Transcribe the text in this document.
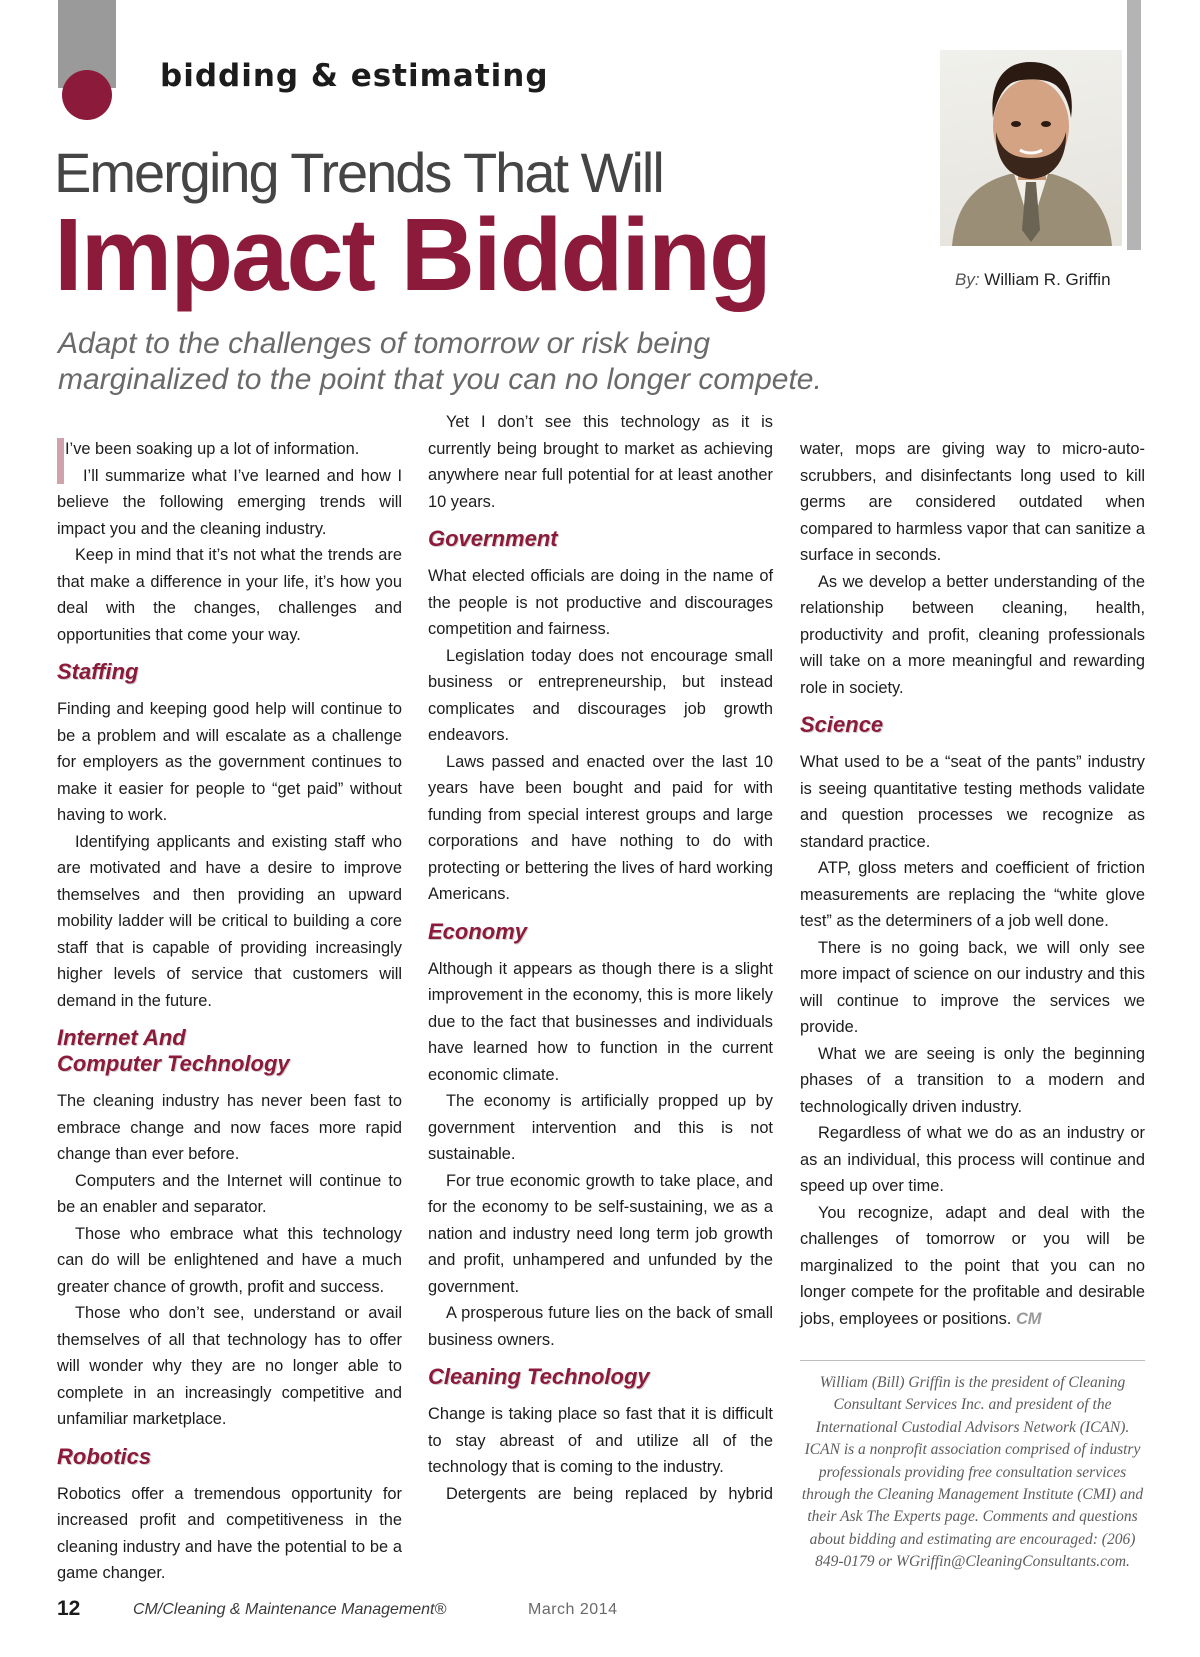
bidding & estimating
Emerging Trends That Will
Impact Bidding
Adapt to the challenges of tomorrow or risk being marginalized to the point that you can no longer compete.
By: William R. Griffin

I’ve been soaking up a lot of information.

I’ll summarize what I’ve learned and how I believe the following emerging trends will impact you and the cleaning industry.

Keep in mind that it’s not what the trends are that make a difference in your life, it’s how you deal with the changes, challenges and opportunities that come your way.

Staffing

Finding and keeping good help will continue to be a problem and will escalate as a challenge for employers as the government continues to make it easier for people to “get paid” without having to work.

Identifying applicants and existing staff who are motivated and have a desire to improve themselves and then providing an upward mobility ladder will be critical to building a core staff that is capable of providing increasingly higher levels of service that customers will demand in the future.

Internet And
Computer Technology

The cleaning industry has never been fast to embrace change and now faces more rapid change than ever before.

Computers and the Internet will continue to be an enabler and separator.

Those who embrace what this technology can do will be enlightened and have a much greater chance of growth, profit and success.

Those who don’t see, understand or avail themselves of all that technology has to offer will wonder why they are no longer able to complete in an increasingly competitive and unfamiliar marketplace.

Robotics

Robotics offer a tremendous opportunity for increased profit and competitiveness in the cleaning industry and have the potential to be a game changer.

Yet I don’t see this technology as it is currently being brought to market as achieving anywhere near full potential for at least another 10 years.

Government

What elected officials are doing in the name of the people is not productive and discourages competition and fairness.

Legislation today does not encourage small business or entrepreneurship, but instead complicates and discourages job growth endeavors.

Laws passed and enacted over the last 10 years have been bought and paid for with funding from special interest groups and large corporations and have nothing to do with protecting or bettering the lives of hard working Americans.

Economy

Although it appears as though there is a slight improvement in the economy, this is more likely due to the fact that businesses and individuals have learned how to function in the current economic climate.

The economy is artificially propped up by government intervention and this is not sustainable.

For true economic growth to take place, and for the economy to be self-sustaining, we as a nation and industry need long term job growth and profit, unhampered and unfunded by the government.

A prosperous future lies on the back of small business owners.

Cleaning Technology

Change is taking place so fast that it is difficult to stay abreast of and utilize all of the technology that is coming to the industry.

Detergents are being replaced by hybrid

water, mops are giving way to micro-auto-scrubbers, and disinfectants long used to kill germs are considered outdated when compared to harmless vapor that can sanitize a surface in seconds.

As we develop a better understanding of the relationship between cleaning, health, productivity and profit, cleaning professionals will take on a more meaningful and rewarding role in society.

Science

What used to be a “seat of the pants” industry is seeing quantitative testing methods validate and question processes we recognize as standard practice.

ATP, gloss meters and coefficient of friction measurements are replacing the “white glove test” as the determiners of a job well done.

There is no going back, we will only see more impact of science on our industry and this will continue to improve the services we provide.

What we are seeing is only the beginning phases of a transition to a modern and technologically driven industry.

Regardless of what we do as an industry or as an individual, this process will continue and speed up over time.

You recognize, adapt and deal with the challenges of tomorrow or you will be marginalized to the point that you can no longer compete for the profitable and desirable jobs, employees or positions. CM

William (Bill) Griffin is the president of Cleaning Consultant Services Inc. and president of the International Custodial Advisors Network (ICAN). ICAN is a nonprofit association comprised of industry professionals providing free consultation services through the Cleaning Management Institute (CMI) and their Ask The Experts page. Comments and questions about bidding and estimating are encouraged: (206) 849-0179 or WGriffin@CleaningConsultants.com.
12	CM/Cleaning & Maintenance Management®	March 2014
